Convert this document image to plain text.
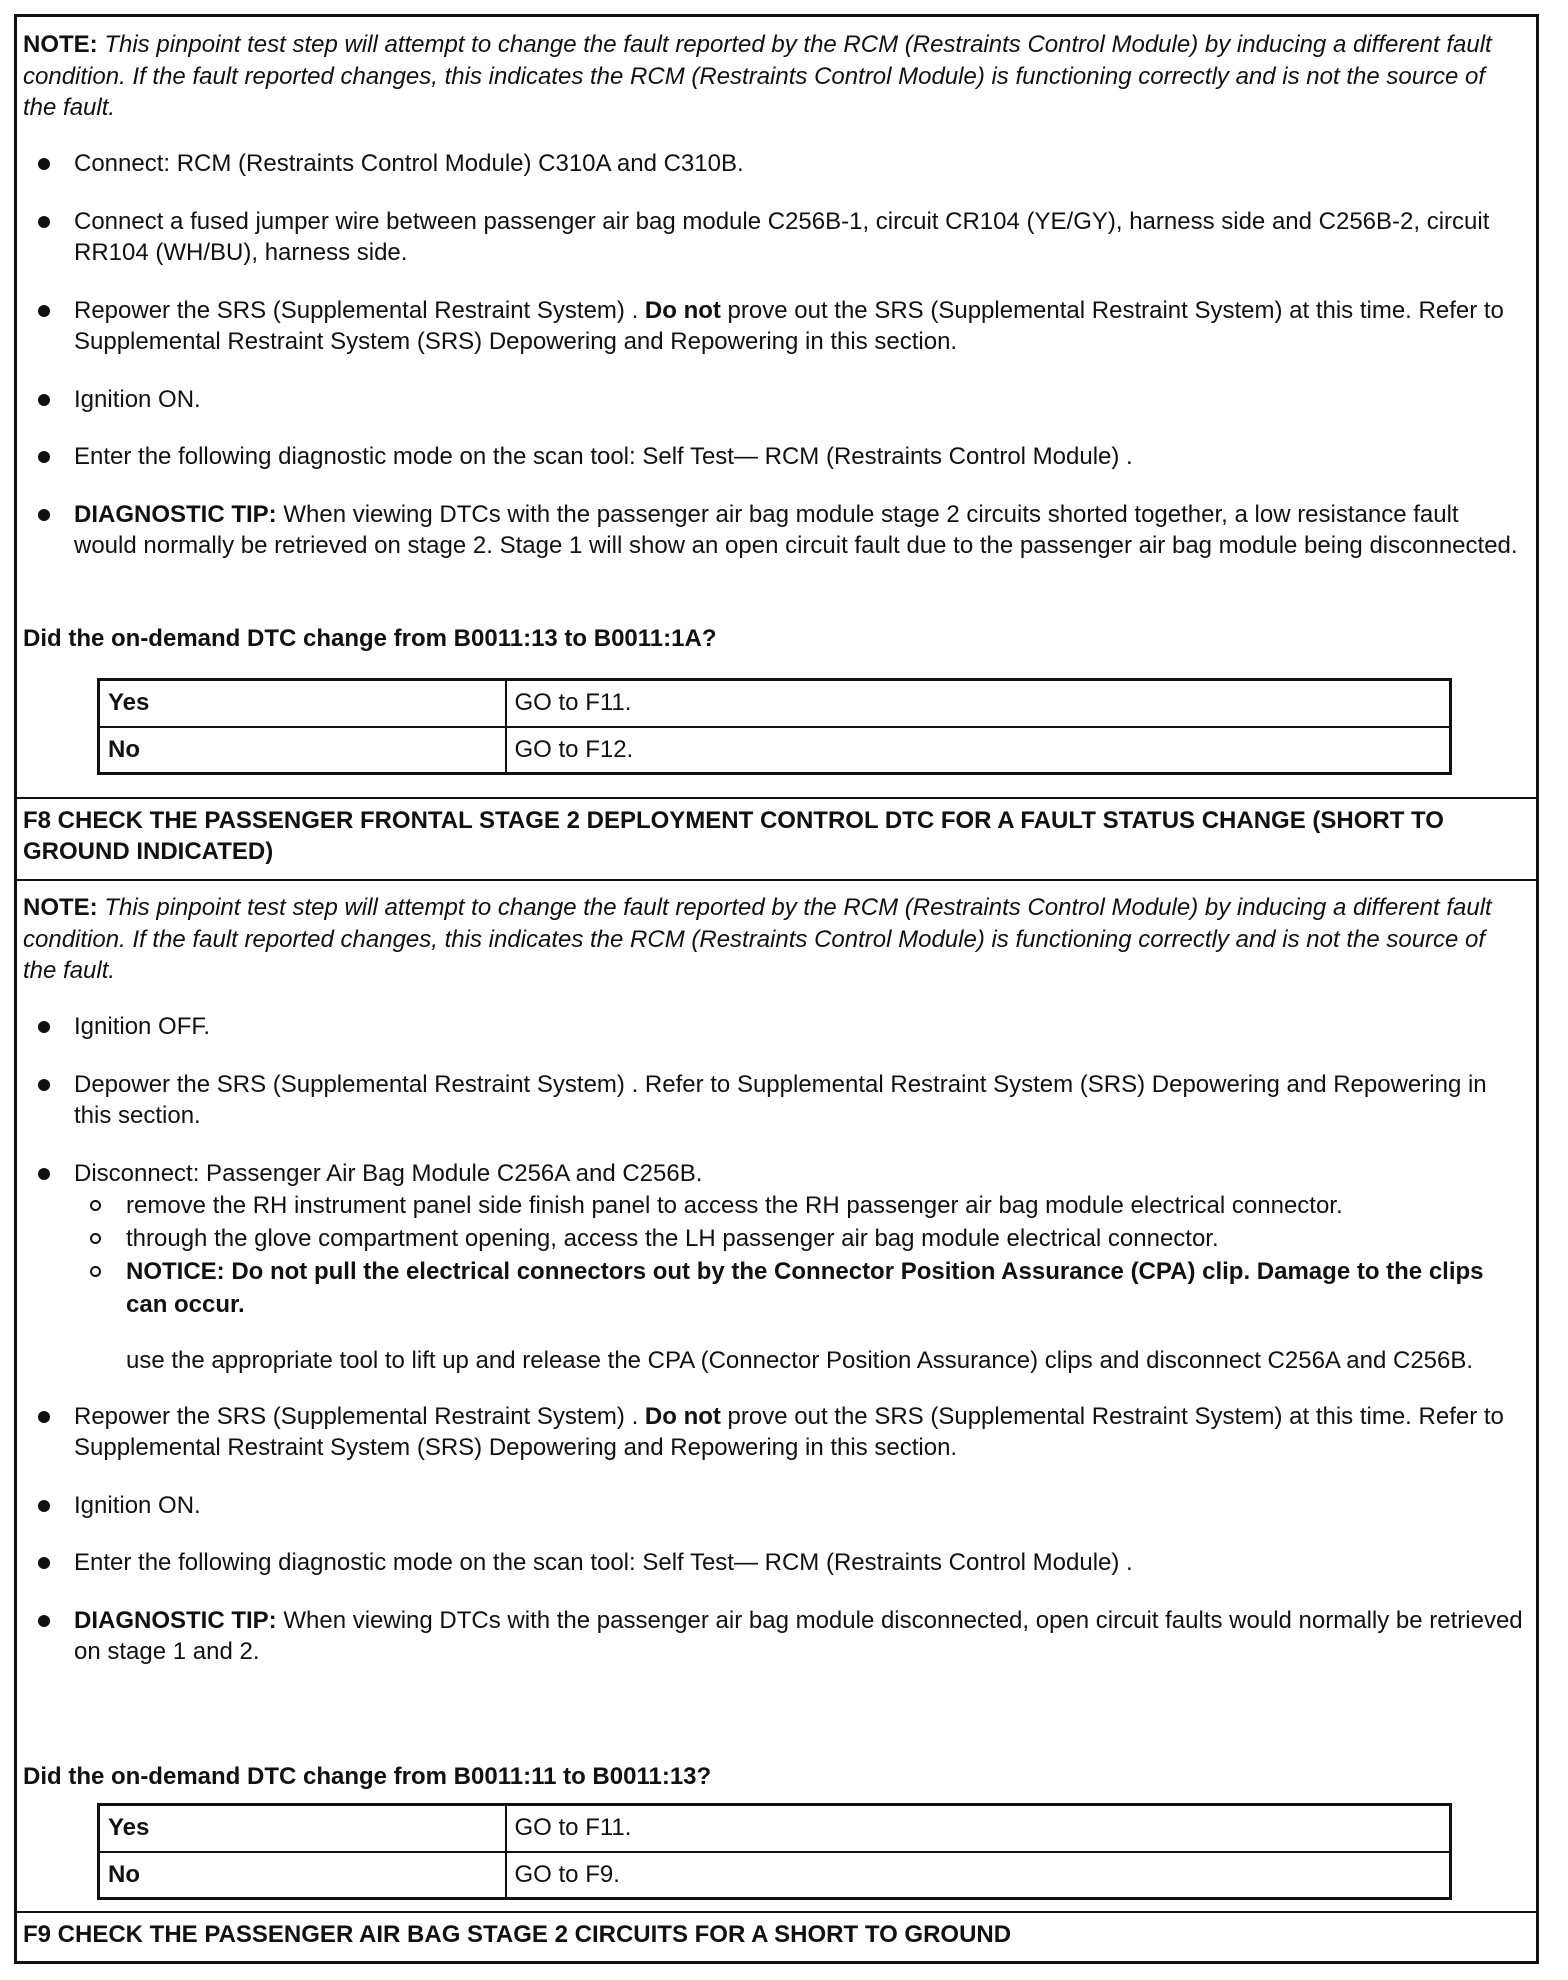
NOTE: This pinpoint test step will attempt to change the fault reported by the RCM (Restraints Control Module) by inducing a different fault condition. If the fault reported changes, this indicates the RCM (Restraints Control Module) is functioning correctly and is not the source of the fault.
Connect: RCM (Restraints Control Module) C310A and C310B.
Connect a fused jumper wire between passenger air bag module C256B-1, circuit CR104 (YE/GY), harness side and C256B-2, circuit RR104 (WH/BU), harness side.
Repower the SRS (Supplemental Restraint System) . Do not prove out the SRS (Supplemental Restraint System) at this time. Refer to Supplemental Restraint System (SRS) Depowering and Repowering in this section.
Ignition ON.
Enter the following diagnostic mode on the scan tool: Self Test— RCM (Restraints Control Module) .
DIAGNOSTIC TIP: When viewing DTCs with the passenger air bag module stage 2 circuits shorted together, a low resistance fault would normally be retrieved on stage 2. Stage 1 will show an open circuit fault due to the passenger air bag module being disconnected.
Did the on-demand DTC change from B0011:13 to B0011:1A?
Yes	GO to F11.
No	GO to F12.
F8 CHECK THE PASSENGER FRONTAL STAGE 2 DEPLOYMENT CONTROL DTC FOR A FAULT STATUS CHANGE (SHORT TO GROUND INDICATED)
NOTE: This pinpoint test step will attempt to change the fault reported by the RCM (Restraints Control Module) by inducing a different fault condition. If the fault reported changes, this indicates the RCM (Restraints Control Module) is functioning correctly and is not the source of the fault.
Ignition OFF.
Depower the SRS (Supplemental Restraint System) . Refer to Supplemental Restraint System (SRS) Depowering and Repowering in this section.
Disconnect: Passenger Air Bag Module C256A and C256B.
remove the RH instrument panel side finish panel to access the RH passenger air bag module electrical connector.
through the glove compartment opening, access the LH passenger air bag module electrical connector.
NOTICE: Do not pull the electrical connectors out by the Connector Position Assurance (CPA) clip. Damage to the clips can occur.
use the appropriate tool to lift up and release the CPA (Connector Position Assurance) clips and disconnect C256A and C256B.
Repower the SRS (Supplemental Restraint System) . Do not prove out the SRS (Supplemental Restraint System) at this time. Refer to Supplemental Restraint System (SRS) Depowering and Repowering in this section.
Ignition ON.
Enter the following diagnostic mode on the scan tool: Self Test— RCM (Restraints Control Module) .
DIAGNOSTIC TIP: When viewing DTCs with the passenger air bag module disconnected, open circuit faults would normally be retrieved on stage 1 and 2.
Did the on-demand DTC change from B0011:11 to B0011:13?
Yes	GO to F11.
No	GO to F9.
F9 CHECK THE PASSENGER AIR BAG STAGE 2 CIRCUITS FOR A SHORT TO GROUND
